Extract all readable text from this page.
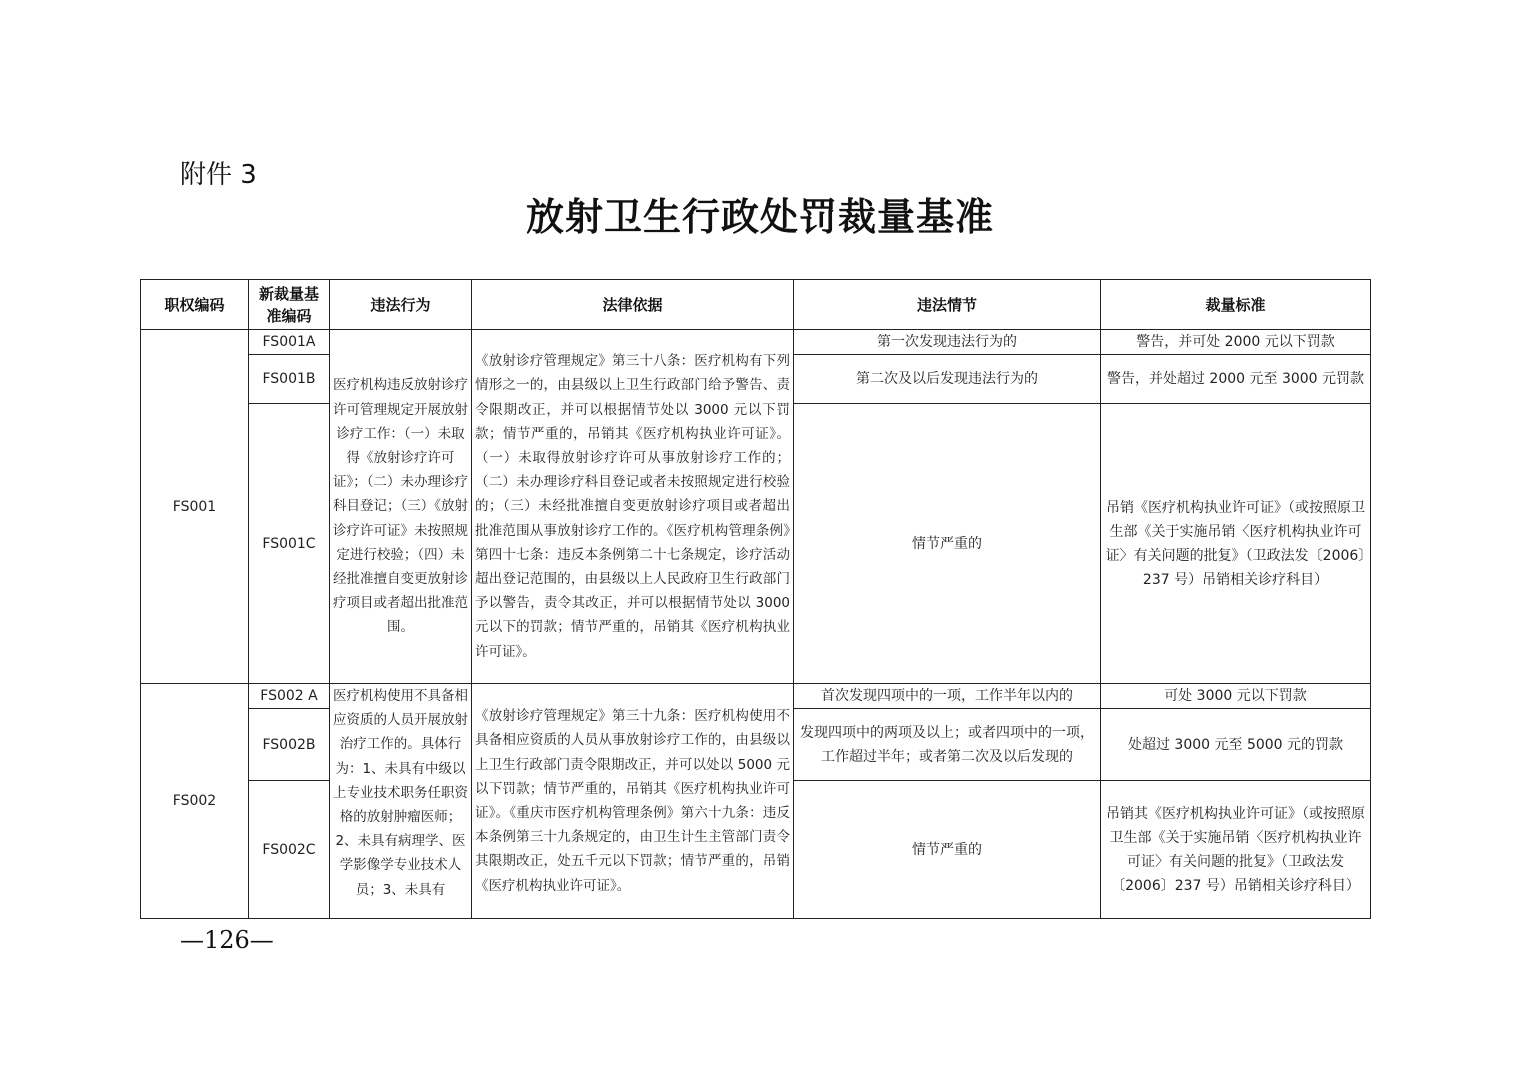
附件 3
放射卫生行政处罚裁量基准
职权编码	新裁量基准编码	违法行为	法律依据	违法情节	裁量标准
FS001	FS001A	医疗机构违反放射诊疗许可管理规定开展放射诊疗工作：（一）未取得《放射诊疗许可证》；（二）未办理诊疗科目登记；（三）《放射诊疗许可证》未按照规定进行校验；（四）未经批准擅自变更放射诊疗项目或者超出批准范围。	《放射诊疗管理规定》第三十八条：医疗机构有下列情形之一的，由县级以上卫生行政部门给予警告、责令限期改正，并可以根据情节处以 3000 元以下罚款；情节严重的，吊销其《医疗机构执业许可证》。（一）未取得放射诊疗许可从事放射诊疗工作的；（二）未办理诊疗科目登记或者未按照规定进行校验的；（三）未经批准擅自变更放射诊疗项目或者超出批准范围从事放射诊疗工作的。《医疗机构管理条例》第四十七条：违反本条例第二十七条规定，诊疗活动超出登记范围的，由县级以上人民政府卫生行政部门予以警告，责令其改正，并可以根据情节处以 3000元以下的罚款；情节严重的，吊销其《医疗机构执业许可证》。	第一次发现违法行为的	警告，并可处 2000 元以下罚款
	FS001B			第二次及以后发现违法行为的	警告，并处超过 2000 元至 3000 元罚款
	FS001C			情节严重的	吊销《医疗机构执业许可证》（或按照原卫生部《关于实施吊销〈医疗机构执业许可证〉有关问题的批复》（卫政法发〔2006〕237 号）吊销相关诊疗科目）
FS002	FS002 A	医疗机构使用不具备相应资质的人员开展放射治疗工作的。具体行为：1、未具有中级以上专业技术职务任职资格的放射肿瘤医师；2、未具有病理学、医学影像学专业技术人员；3、未具有	《放射诊疗管理规定》第三十九条：医疗机构使用不具备相应资质的人员从事放射诊疗工作的，由县级以上卫生行政部门责令限期改正，并可以处以 5000 元以下罚款；情节严重的，吊销其《医疗机构执业许可证》。《重庆市医疗机构管理条例》第六十九条：违反本条例第三十九条规定的，由卫生计生主管部门责令其限期改正，处五千元以下罚款；情节严重的，吊销《医疗机构执业许可证》。	首次发现四项中的一项，工作半年以内的	可处 3000 元以下罚款
	FS002B			发现四项中的两项及以上；或者四项中的一项，工作超过半年；或者第二次及以后发现的	处超过 3000 元至 5000 元的罚款
	FS002C			情节严重的	吊销其《医疗机构执业许可证》（或按照原卫生部《关于实施吊销〈医疗机构执业许可证〉有关问题的批复》（卫政法发〔2006〕237 号）吊销相关诊疗科目）
—126—
